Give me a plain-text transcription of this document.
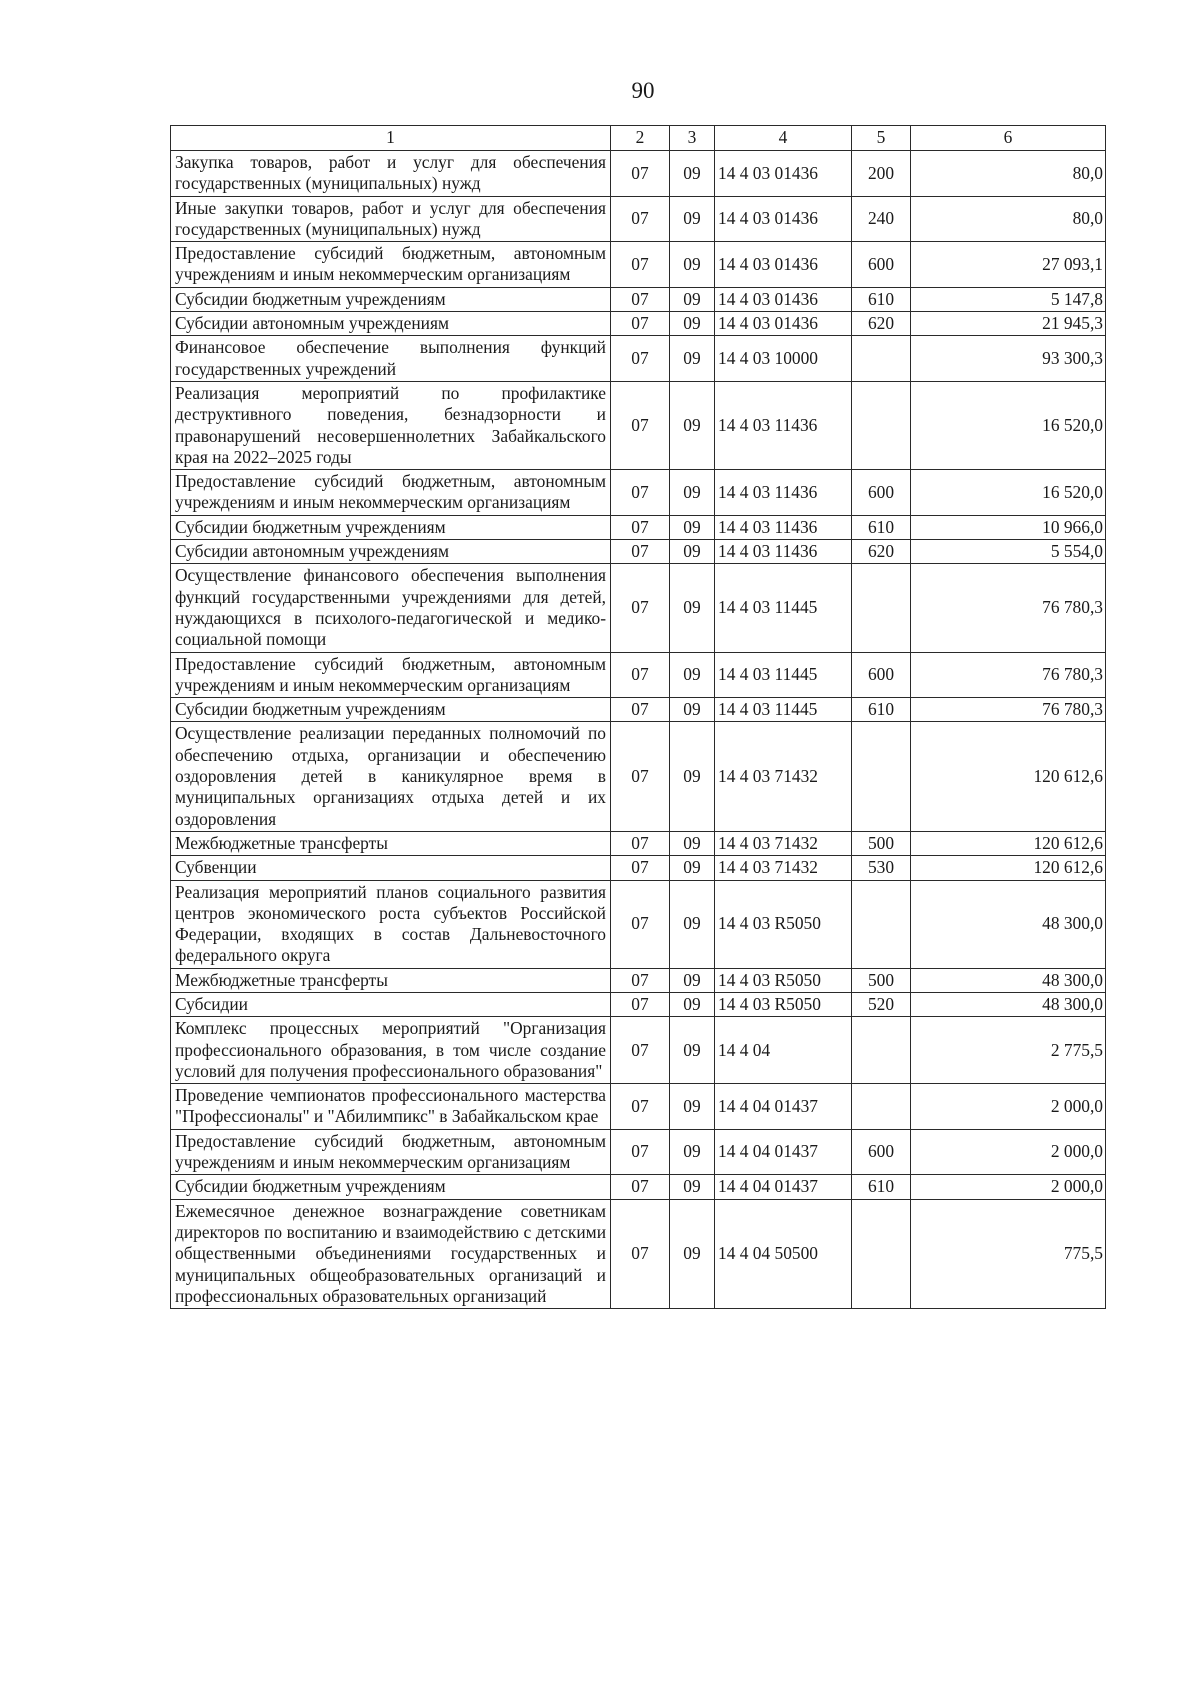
90
1	2	3	4	5	6
Закупка товаров, работ и услуг для обеспечения государственных (муниципальных) нужд	07	09	14 4 03 01436	200	80,0
Иные закупки товаров, работ и услуг для обеспечения государственных (муниципальных) нужд	07	09	14 4 03 01436	240	80,0
Предоставление субсидий бюджетным, автономным учреждениям и иным некоммерческим организациям	07	09	14 4 03 01436	600	27 093,1
Субсидии бюджетным учреждениям	07	09	14 4 03 01436	610	5 147,8
Субсидии автономным учреждениям	07	09	14 4 03 01436	620	21 945,3
Финансовое обеспечение выполнения функций государственных учреждений	07	09	14 4 03 10000		93 300,3
Реализация мероприятий по профилактике деструктивного поведения, безнадзорности и правонарушений несовершеннолетних Забайкальского края на 2022–2025 годы	07	09	14 4 03 11436		16 520,0
Предоставление субсидий бюджетным, автономным учреждениям и иным некоммерческим организациям	07	09	14 4 03 11436	600	16 520,0
Субсидии бюджетным учреждениям	07	09	14 4 03 11436	610	10 966,0
Субсидии автономным учреждениям	07	09	14 4 03 11436	620	5 554,0
Осуществление финансового обеспечения выполнения функций государственными учреждениями для детей, нуждающихся в психолого-педагогической и медико-социальной помощи	07	09	14 4 03 11445		76 780,3
Предоставление субсидий бюджетным, автономным учреждениям и иным некоммерческим организациям	07	09	14 4 03 11445	600	76 780,3
Субсидии бюджетным учреждениям	07	09	14 4 03 11445	610	76 780,3
Осуществление реализации переданных полномочий по обеспечению отдыха, организации и обеспечению оздоровления детей в каникулярное время в муниципальных организациях отдыха детей и их оздоровления	07	09	14 4 03 71432		120 612,6
Межбюджетные трансферты	07	09	14 4 03 71432	500	120 612,6
Субвенции	07	09	14 4 03 71432	530	120 612,6
Реализация мероприятий планов социального развития центров экономического роста субъектов Российской Федерации, входящих в состав Дальневосточного федерального округа	07	09	14 4 03 R5050		48 300,0
Межбюджетные трансферты	07	09	14 4 03 R5050	500	48 300,0
Субсидии	07	09	14 4 03 R5050	520	48 300,0
Комплекс процессных мероприятий "Организация профессионального образования, в том числе создание условий для получения профессионального образования"	07	09	14 4 04		2 775,5
Проведение чемпионатов профессионального мастерства "Профессионалы" и "Абилимпикс" в Забайкальском крае	07	09	14 4 04 01437		2 000,0
Предоставление субсидий бюджетным, автономным учреждениям и иным некоммерческим организациям	07	09	14 4 04 01437	600	2 000,0
Субсидии бюджетным учреждениям	07	09	14 4 04 01437	610	2 000,0
Ежемесячное денежное вознаграждение советникам директоров по воспитанию и взаимодействию с детскими общественными объединениями государственных и муниципальных общеобразовательных организаций и профессиональных образовательных организаций	07	09	14 4 04 50500		775,5
